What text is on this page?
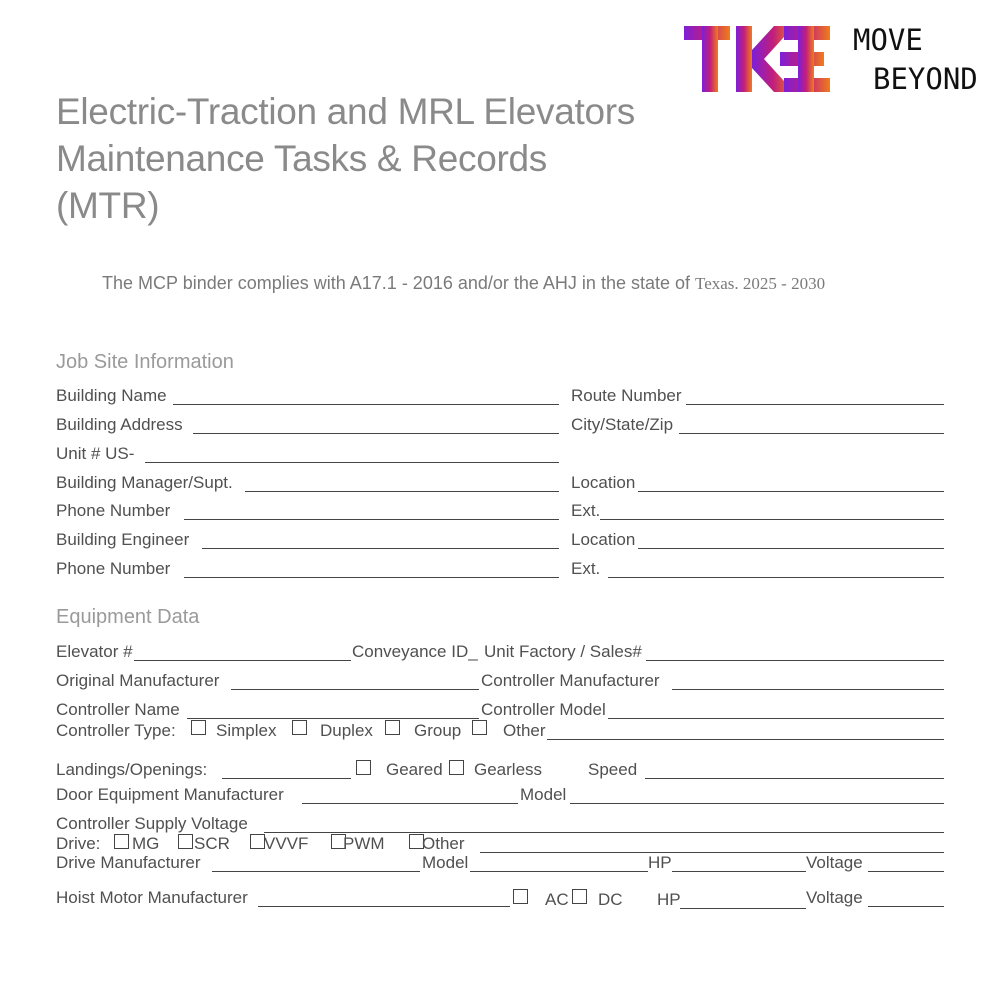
MOVE
BEYOND
Electric-Traction and MRL Elevators
Maintenance Tasks & Records
(MTR)
The MCP binder complies with A17.1 - 2016 and/or the AHJ in the state of Texas. 2025 - 2030
Job Site Information
Building Name	Route Number
Building Address	City/State/Zip
Unit # US-
Building Manager/Supt.	Location
Phone Number	Ext.
Building Engineer	Location
Phone Number	Ext.
Equipment Data
Elevator #	Conveyance ID_ Unit Factory / Sales#
Original Manufacturer	Controller Manufacturer
Controller Name	Controller Model
Controller Type: Simplex	Duplex Group Other
Landings/Openings:	Geared Gearless	Speed
Door Equipment Manufacturer	Model
Controller Supply Voltage
Drive: MG SCR VVVF PWM Other
Drive Manufacturer	Model	HP	Voltage
Hoist Motor Manufacturer	AC DC HP	Voltage
